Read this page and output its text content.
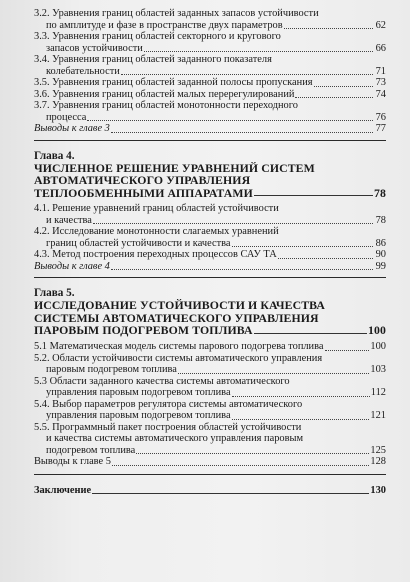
3.2. Уравнения границ областей заданных запасов устойчивости
по амплитуде и фазе в пространстве двух параметров	62
3.3. Уравнения границ областей секторного и кругового
запасов устойчивости	66
3.4. Уравнения границ областей заданного показателя
колебательности	71
3.5. Уравнения границ областей заданной полосы пропускания	73
3.6. Уравнения границ областей малых перерегулирований	74
3.7. Уравнения границ областей монотонности переходного
процесса	76
Выводы к главе 3	77
Глава 4.
ЧИСЛЕННОЕ РЕШЕНИЕ УРАВНЕНИЙ СИСТЕМ
АВТОМАТИЧЕСКОГО УПРАВЛЕНИЯ
ТЕПЛООБМЕННЫМИ АППАРАТАМИ	78
4.1. Решение уравнений границ областей устойчивости
и качества	78
4.2. Исследование монотонности слагаемых уравнений
границ областей устойчивости и качества	86
4.3. Метод построения переходных процессов САУ ТА	90
Выводы к главе 4	99
Глава 5.
ИССЛЕДОВАНИЕ УСТОЙЧИВОСТИ И КАЧЕСТВА
СИСТЕМЫ АВТОМАТИЧЕСКОГО УПРАВЛЕНИЯ
ПАРОВЫМ ПОДОГРЕВОМ ТОПЛИВА	100
5.1 Математическая модель системы парового подогрева топлива	100
5.2. Области устойчивости системы автоматического управления
паровым подогревом топлива	103
5.3 Области заданного качества системы автоматического
управления паровым подогревом топлива	112
5.4. Выбор параметров регулятора системы автоматического
управления паровым подогревом топлива	121
5.5. Программный пакет построения областей устойчивости
и качества системы автоматического управления паровым
подогревом топлива	125
Выводы к главе 5	128
Заключение	130
